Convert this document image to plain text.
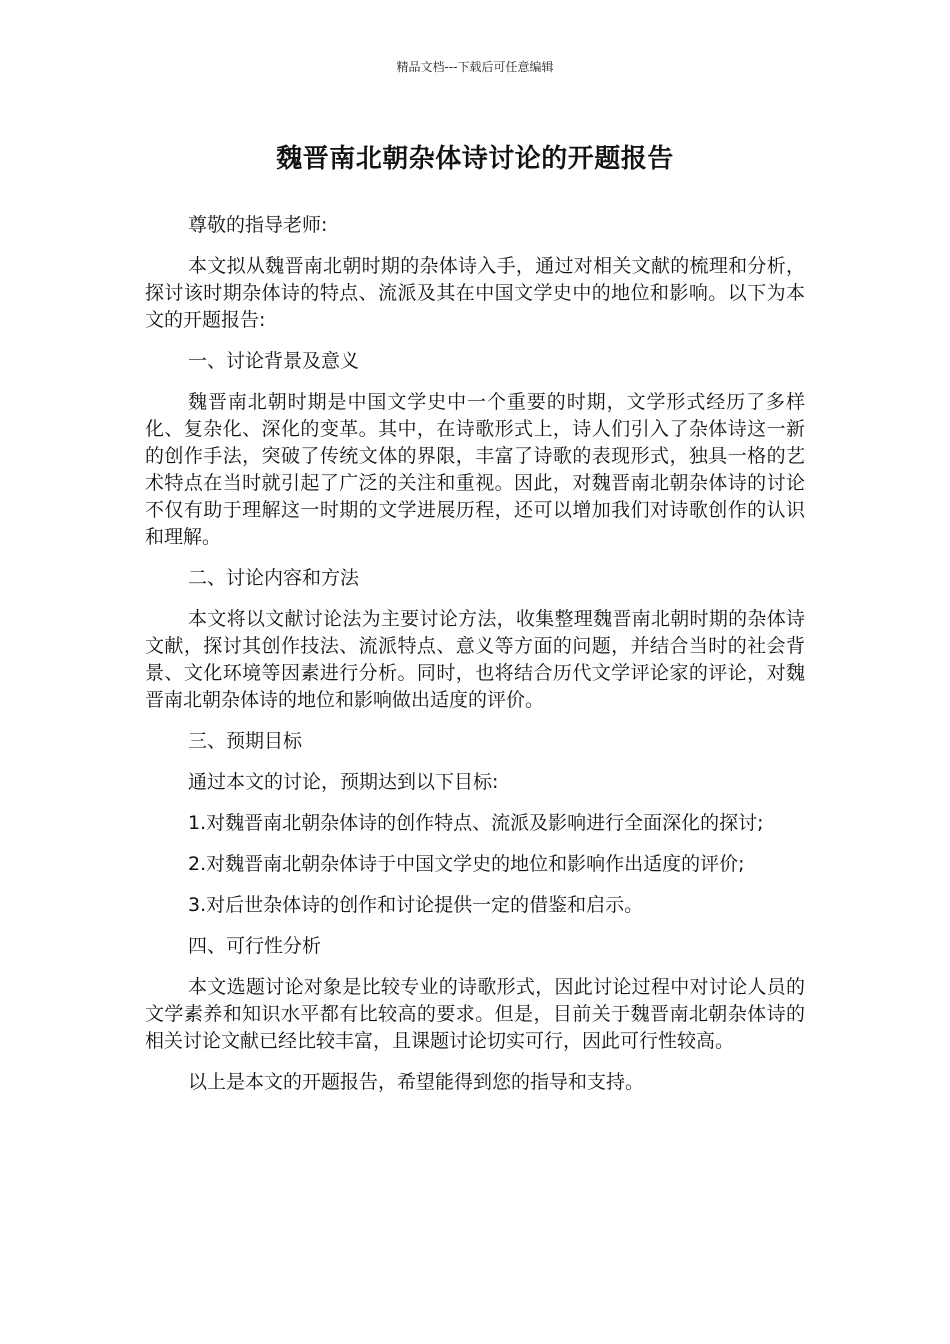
精品文档---下载后可任意编辑
魏晋南北朝杂体诗讨论的开题报告

尊敬的指导老师:

本文拟从魏晋南北朝时期的杂体诗入手，通过对相关文献的梳理和分析，探讨该时期杂体诗的特点、流派及其在中国文学史中的地位和影响。以下为本文的开题报告:

一、讨论背景及意义

魏晋南北朝时期是中国文学史中一个重要的时期，文学形式经历了多样化、复杂化、深化的变革。其中，在诗歌形式上，诗人们引入了杂体诗这一新的创作手法，突破了传统文体的界限，丰富了诗歌的表现形式，独具一格的艺术特点在当时就引起了广泛的关注和重视。因此，对魏晋南北朝杂体诗的讨论不仅有助于理解这一时期的文学进展历程，还可以增加我们对诗歌创作的认识和理解。

二、讨论内容和方法

本文将以文献讨论法为主要讨论方法，收集整理魏晋南北朝时期的杂体诗文献，探讨其创作技法、流派特点、意义等方面的问题，并结合当时的社会背景、文化环境等因素进行分析。同时，也将结合历代文学评论家的评论，对魏晋南北朝杂体诗的地位和影响做出适度的评价。

三、预期目标

通过本文的讨论，预期达到以下目标:

1.对魏晋南北朝杂体诗的创作特点、流派及影响进行全面深化的探讨;

2.对魏晋南北朝杂体诗于中国文学史的地位和影响作出适度的评价;

3.对后世杂体诗的创作和讨论提供一定的借鉴和启示。

四、可行性分析

本文选题讨论对象是比较专业的诗歌形式，因此讨论过程中对讨论人员的文学素养和知识水平都有比较高的要求。但是，目前关于魏晋南北朝杂体诗的相关讨论文献已经比较丰富，且课题讨论切实可行，因此可行性较高。

以上是本文的开题报告，希望能得到您的指导和支持。
